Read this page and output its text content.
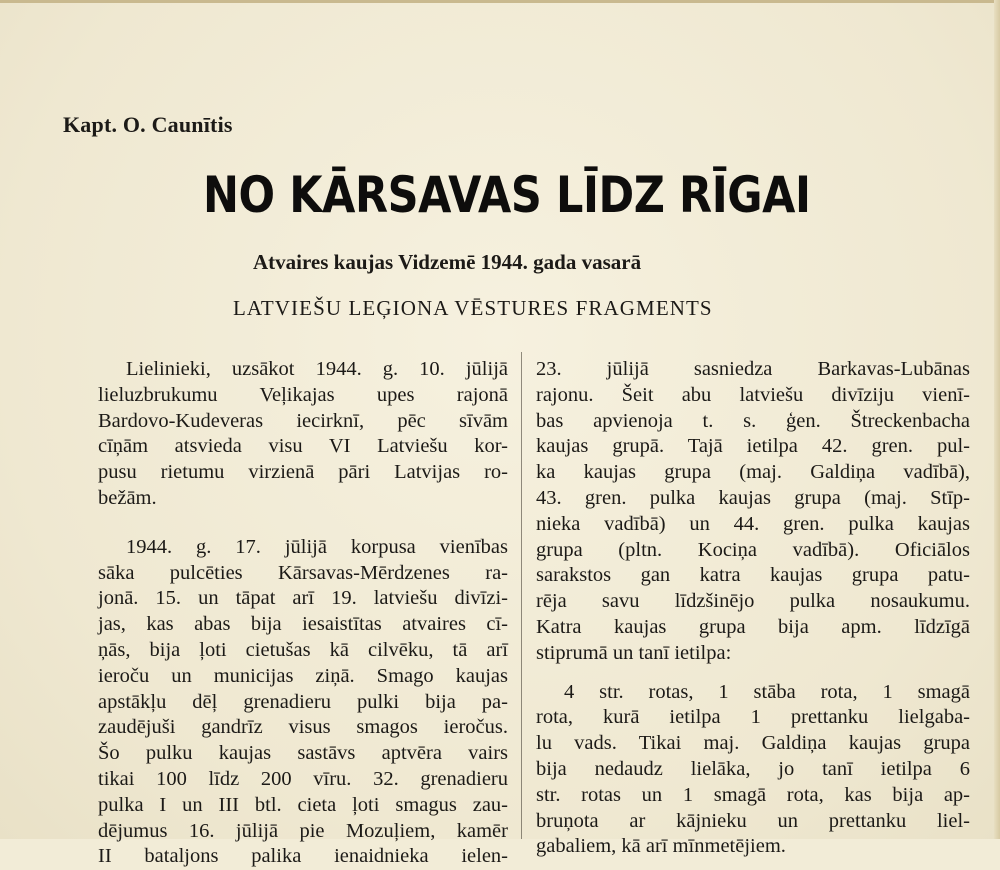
Kapt. O. Caunītis
NO KĀRSAVAS LĪDZ RĪGAI
Atvaires kaujas Vidzemē 1944. gada vasarā
LATVIEŠU LEĢIONA VĒSTURES FRAGMENTS
Lielinieki, uzsākot 1944. g. 10. jūlijā
lieluzbrukumu Veļikajas upes rajonā
Bardovo-Kudeveras iecirknī, pēc sīvām
cīņām atsvieda visu VI Latviešu kor-
pusu rietumu virzienā pāri Latvijas ro-
bežām.
1944. g. 17. jūlijā korpusa vienības
sāka pulcēties Kārsavas-Mērdzenes ra-
jonā. 15. un tāpat arī 19. latviešu divīzi-
jas, kas abas bija iesaistītas atvaires cī-
ņās, bija ļoti cietušas kā cilvēku, tā arī
ieroču un municijas ziņā. Smago kaujas
apstākļu dēļ grenadieru pulki bija pa-
zaudējuši gandrīz visus smagos ieročus.
Šo pulku kaujas sastāvs aptvēra vairs
tikai 100 līdz 200 vīru. 32. grenadieru
pulka I un III btl. cieta ļoti smagus zau-
dējumus 16. jūlijā pie Mozuļiem, kamēr
II bataljons palika ienaidnieka ielen-
23. jūlijā sasniedza Barkavas-Lubānas
rajonu. Šeit abu latviešu divīziju vienī-
bas apvienoja t. s. ģen. Štreckenbacha
kaujas grupā. Tajā ietilpa 42. gren. pul-
ka kaujas grupa (maj. Galdiņa vadībā),
43. gren. pulka kaujas grupa (maj. Stīp-
nieka vadībā) un 44. gren. pulka kaujas
grupa (pltn. Kociņa vadībā). Oficiālos
sarakstos gan katra kaujas grupa patu-
rēja savu līdzšinējo pulka nosaukumu.
Katra kaujas grupa bija apm. līdzīgā
stiprumā un tanī ietilpa:
4 str. rotas, 1 stāba rota, 1 smagā
rota, kurā ietilpa 1 prettanku lielgaba-
lu vads. Tikai maj. Galdiņa kaujas grupa
bija nedaudz lielāka, jo tanī ietilpa 6
str. rotas un 1 smagā rota, kas bija ap-
bruņota ar kājnieku un prettanku liel-
gabaliem, kā arī mīnmetējiem.
